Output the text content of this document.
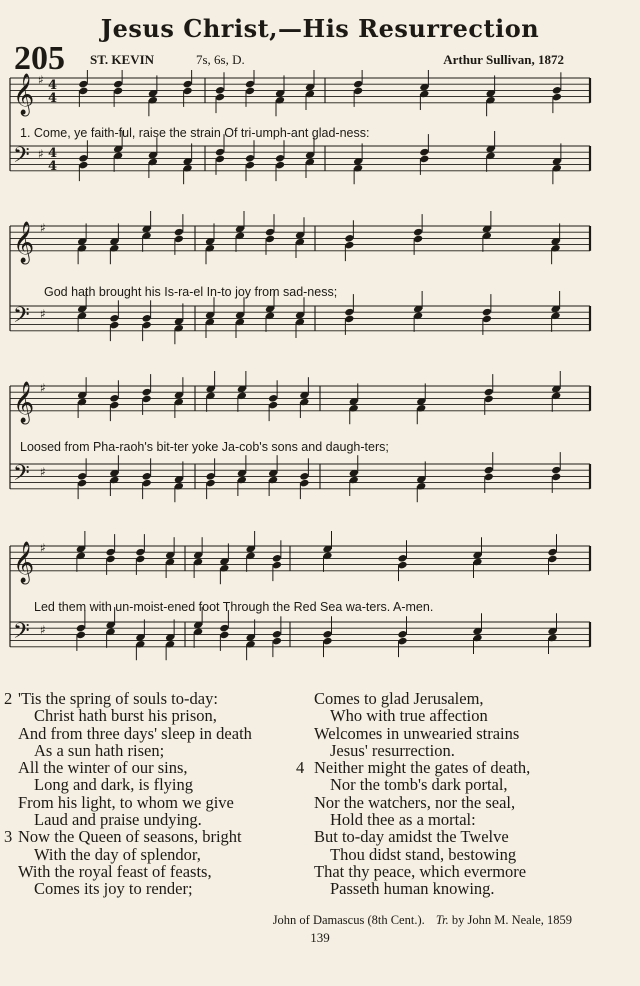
Jesus Christ,—His Resurrection
205 ST. KEVIN	7s, 6s, D.	Arthur Sullivan, 1872
𝄞 ♯ 4
4
𝄢 ♯ 4
4
𝄞 ♯
𝄢 ♯
𝄞 ♯
𝄢 ♯
𝄞 ♯
𝄢 ♯
1. Come, ye faith-ful, raise the strain Of tri-umph-ant glad-ness:
God hath brought his Is-ra-el In-to joy from sad-ness;
Loosed from Pha-raoh's bit-ter yoke Ja-cob's sons and daugh-ters;
Led them with un-moist-ened foot Through the Red Sea wa-ters. A-men.
2 'Tis the spring of souls to-day:
Christ hath burst his prison,
And from three days' sleep in death
As a sun hath risen;
All the winter of our sins,
Long and dark, is flying
From his light, to whom we give
Laud and praise undying.
3 Now the Queen of seasons, bright
With the day of splendor,
With the royal feast of feasts,
Comes its joy to render;
Comes to glad Jerusalem,
Who with true affection
Welcomes in unwearied strains
Jesus' resurrection.
4 Neither might the gates of death,
Nor the tomb's dark portal,
Nor the watchers, nor the seal,
Hold thee as a mortal:
But to-day amidst the Twelve
Thou didst stand, bestowing
That thy peace, which evermore
Passeth human knowing.
John of Damascus (8th Cent.). Tr. by John M. Neale, 1859
139
